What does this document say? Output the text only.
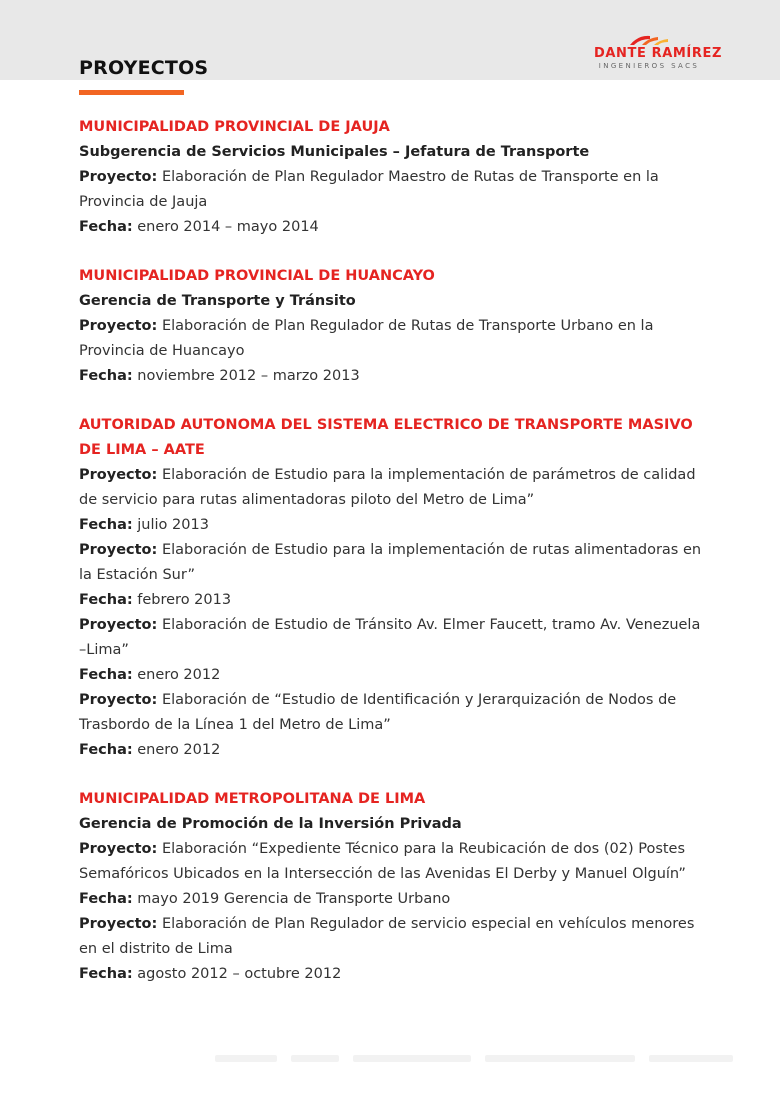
PROYECTOS
DANTE RAMÍREZ
INGENIEROS SACS

MUNICIPALIDAD PROVINCIAL DE JAUJA

Subgerencia de Servicios Municipales – Jefatura de Transporte

Proyecto: Elaboración de Plan Regulador Maestro de Rutas de Transporte en la Provincia de Jauja

Fecha: enero 2014 – mayo 2014

MUNICIPALIDAD PROVINCIAL DE HUANCAYO

Gerencia de Transporte y Tránsito

Proyecto: Elaboración de Plan Regulador de Rutas de Transporte Urbano en la Provincia de Huancayo

Fecha: noviembre 2012 – marzo 2013

AUTORIDAD AUTONOMA DEL SISTEMA ELECTRICO DE TRANSPORTE MASIVO DE LIMA – AATE

Proyecto: Elaboración de Estudio para la implementación de parámetros de calidad de servicio para rutas alimentadoras piloto del Metro de Lima”

Fecha: julio 2013

Proyecto: Elaboración de Estudio para la implementación de rutas alimentadoras en la Estación Sur”

Fecha: febrero 2013

Proyecto: Elaboración de Estudio de Tránsito Av. Elmer Faucett, tramo Av. Venezuela –Lima”

Fecha: enero 2012

Proyecto: Elaboración de “Estudio de Identificación y Jerarquización de Nodos de Trasbordo de la Línea 1 del Metro de Lima”

Fecha: enero 2012

MUNICIPALIDAD METROPOLITANA DE LIMA

Gerencia de Promoción de la Inversión Privada

Proyecto: Elaboración “Expediente Técnico para la Reubicación de dos (02) Postes Semafóricos Ubicados en la Intersección de las Avenidas El Derby y Manuel Olguín”

Fecha: mayo 2019 Gerencia de Transporte Urbano

Proyecto: Elaboración de Plan Regulador de servicio especial en vehículos menores en el distrito de Lima

Fecha: agosto 2012 – octubre 2012
